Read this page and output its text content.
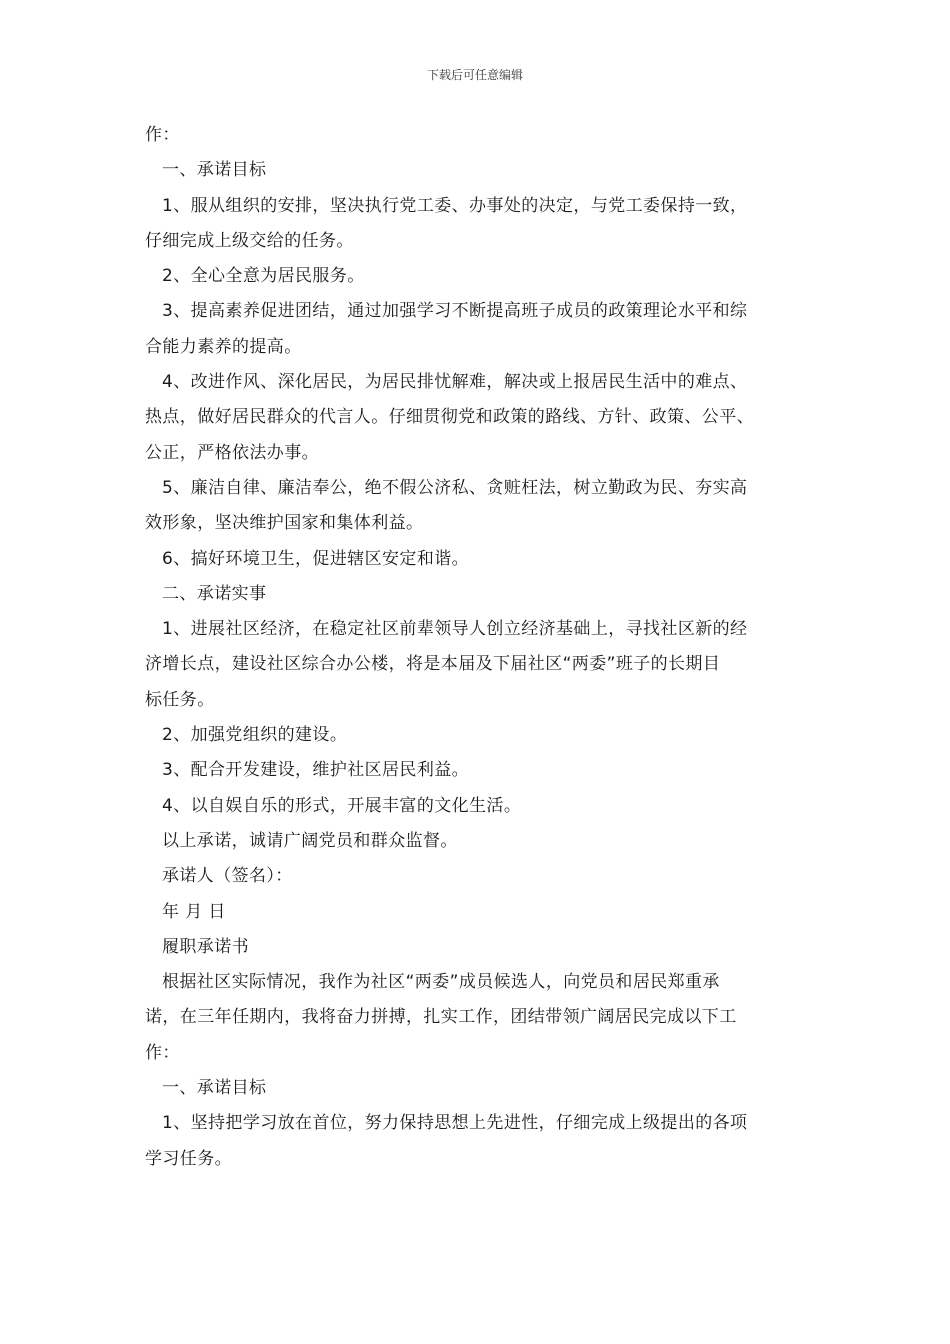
下载后可任意编辑
作：
一、承诺目标
1、服从组织的安排，坚决执行党工委、办事处的决定，与党工委保持一致，
仔细完成上级交给的任务。
2、全心全意为居民服务。
3、提高素养促进团结，通过加强学习不断提高班子成员的政策理论水平和综
合能力素养的提高。
4、改进作风、深化居民，为居民排忧解难，解决或上报居民生活中的难点、
热点，做好居民群众的代言人。仔细贯彻党和政策的路线、方针、政策、公平、
公正，严格依法办事。
5、廉洁自律、廉洁奉公，绝不假公济私、贪赃枉法，树立勤政为民、夯实高
效形象，坚决维护国家和集体利益。
6、搞好环境卫生，促进辖区安定和谐。
二、承诺实事
1、进展社区经济，在稳定社区前辈领导人创立经济基础上，寻找社区新的经
济增长点，建设社区综合办公楼，将是本届及下届社区“两委”班子的长期目
标任务。
2、加强党组织的建设。
3、配合开发建设，维护社区居民利益。
4、以自娱自乐的形式，开展丰富的文化生活。
以上承诺，诚请广阔党员和群众监督。
承诺人（签名）：
年 月 日
履职承诺书
根据社区实际情况，我作为社区“两委”成员候选人，向党员和居民郑重承
诺，在三年任期内，我将奋力拼搏，扎实工作，团结带领广阔居民完成以下工
作：
一、承诺目标
1、坚持把学习放在首位，努力保持思想上先进性，仔细完成上级提出的各项
学习任务。
